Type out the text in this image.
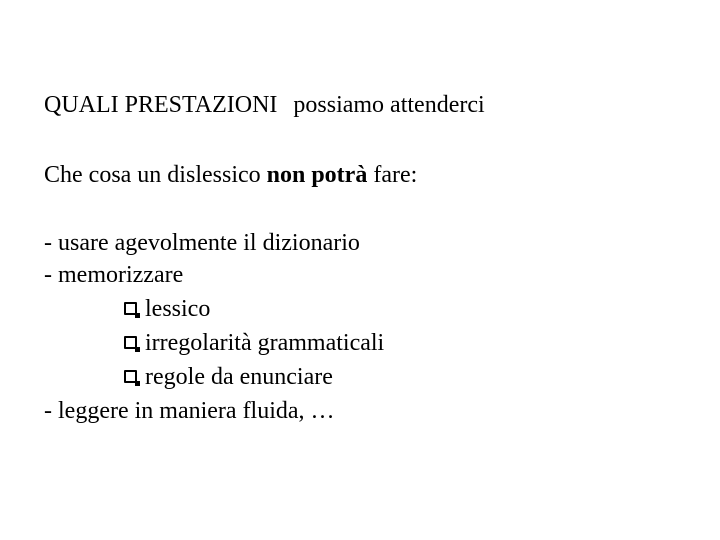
QUALI PRESTAZIONI possiamo attenderci
Che cosa un dislessico non potrà fare:
- usare agevolmente il dizionario
- memorizzare
lessico
irregolarità grammaticali
regole da enunciare
- leggere in maniera fluida, …
